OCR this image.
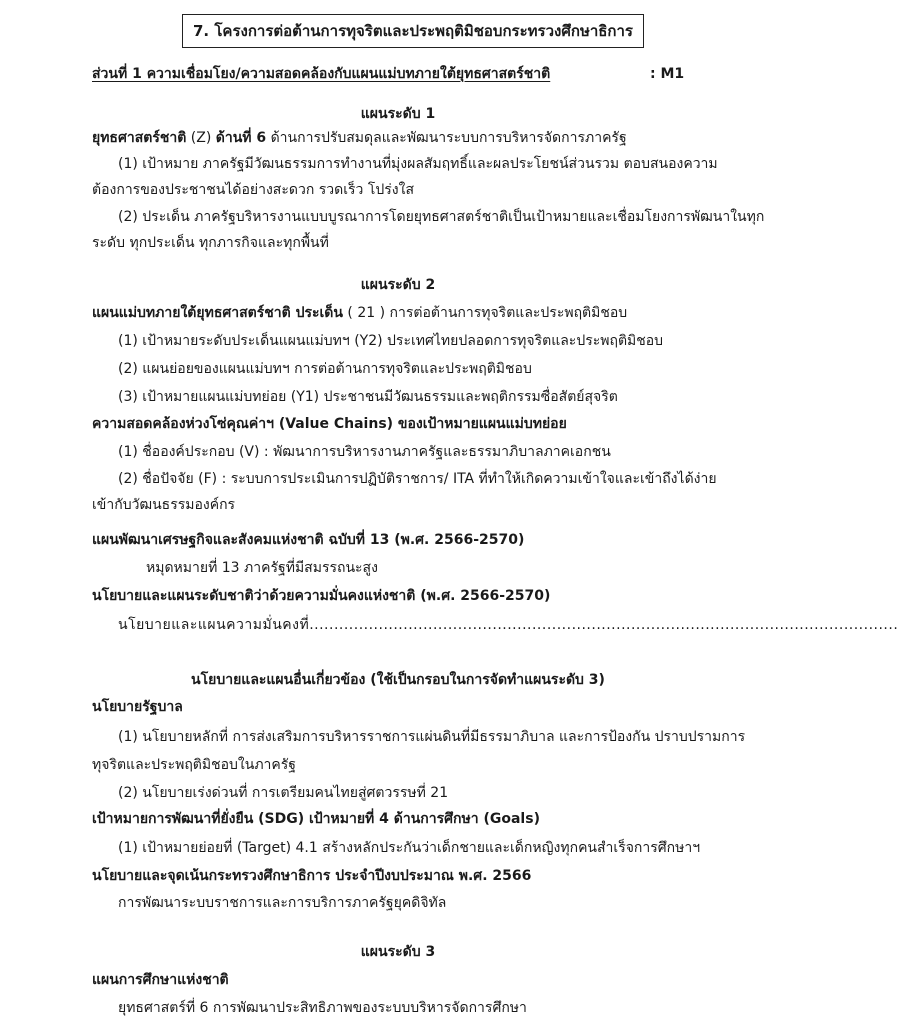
7. โครงการต่อต้านการทุจริตและประพฤติมิชอบกระทรวงศึกษาธิการ
ส่วนที่ 1 ความเชื่อมโยง/ความสอดคล้องกับแผนแม่บทภายใต้ยุทธศาสตร์ชาติ	: M1
แผนระดับ 1
ยุทธศาสตร์ชาติ (Z) ด้านที่ 6 ด้านการปรับสมดุลและพัฒนาระบบการบริหารจัดการภาครัฐ
(1) เป้าหมาย ภาครัฐมีวัฒนธรรมการทำงานที่มุ่งผลสัมฤทธิ์และผลประโยชน์ส่วนรวม ตอบสนองความ
ต้องการของประชาชนได้อย่างสะดวก รวดเร็ว โปร่งใส
(2) ประเด็น ภาครัฐบริหารงานแบบบูรณาการโดยยุทธศาสตร์ชาติเป็นเป้าหมายและเชื่อมโยงการพัฒนาในทุก
ระดับ ทุกประเด็น ทุกภารกิจและทุกพื้นที่
แผนระดับ 2
แผนแม่บทภายใต้ยุทธศาสตร์ชาติ ประเด็น ( 21 ) การต่อต้านการทุจริตและประพฤติมิชอบ
(1) เป้าหมายระดับประเด็นแผนแม่บทฯ (Y2) ประเทศไทยปลอดการทุจริตและประพฤติมิชอบ
(2) แผนย่อยของแผนแม่บทฯ การต่อต้านการทุจริตและประพฤติมิชอบ
(3) เป้าหมายแผนแม่บทย่อย (Y1) ประชาชนมีวัฒนธรรมและพฤติกรรมซื่อสัตย์สุจริต
ความสอดคล้องห่วงโซ่คุณค่าฯ (Value Chains) ของเป้าหมายแผนแม่บทย่อย
(1) ชื่อองค์ประกอบ (V) : พัฒนาการบริหารงานภาครัฐและธรรมาภิบาลภาคเอกชน
(2) ชื่อปัจจัย (F) : ระบบการประเมินการปฏิบัติราชการ/ ITA ที่ทำให้เกิดความเข้าใจและเข้าถึงได้ง่าย
เข้ากับวัฒนธรรมองค์กร
แผนพัฒนาเศรษฐกิจและสังคมแห่งชาติ ฉบับที่ 13 (พ.ศ. 2566-2570)
หมุดหมายที่ 13 ภาครัฐที่มีสมรรถนะสูง
นโยบายและแผนระดับชาติว่าด้วยความมั่นคงแห่งชาติ (พ.ศ. 2566-2570)
นโยบายและแผนความมั่นคงที่.......................................................................................................................
นโยบายและแผนอื่นเกี่ยวข้อง (ใช้เป็นกรอบในการจัดทำแผนระดับ 3)
นโยบายรัฐบาล
(1) นโยบายหลักที่ การส่งเสริมการบริหารราชการแผ่นดินที่มีธรรมาภิบาล และการป้องกัน ปราบปรามการ
ทุจริตและประพฤติมิชอบในภาครัฐ
(2) นโยบายเร่งด่วนที่ การเตรียมคนไทยสู่ศตวรรษที่ 21
เป้าหมายการพัฒนาที่ยั่งยืน (SDG) เป้าหมายที่ 4 ด้านการศึกษา (Goals)
(1) เป้าหมายย่อยที่ (Target) 4.1 สร้างหลักประกันว่าเด็กชายและเด็กหญิงทุกคนสำเร็จการศึกษาฯ
นโยบายและจุดเน้นกระทรวงศึกษาธิการ ประจำปีงบประมาณ พ.ศ. 2566
การพัฒนาระบบราชการและการบริการภาครัฐยุคดิจิทัล
แผนระดับ 3
แผนการศึกษาแห่งชาติ
ยุทธศาสตร์ที่ 6 การพัฒนาประสิทธิภาพของระบบบริหารจัดการศึกษา
